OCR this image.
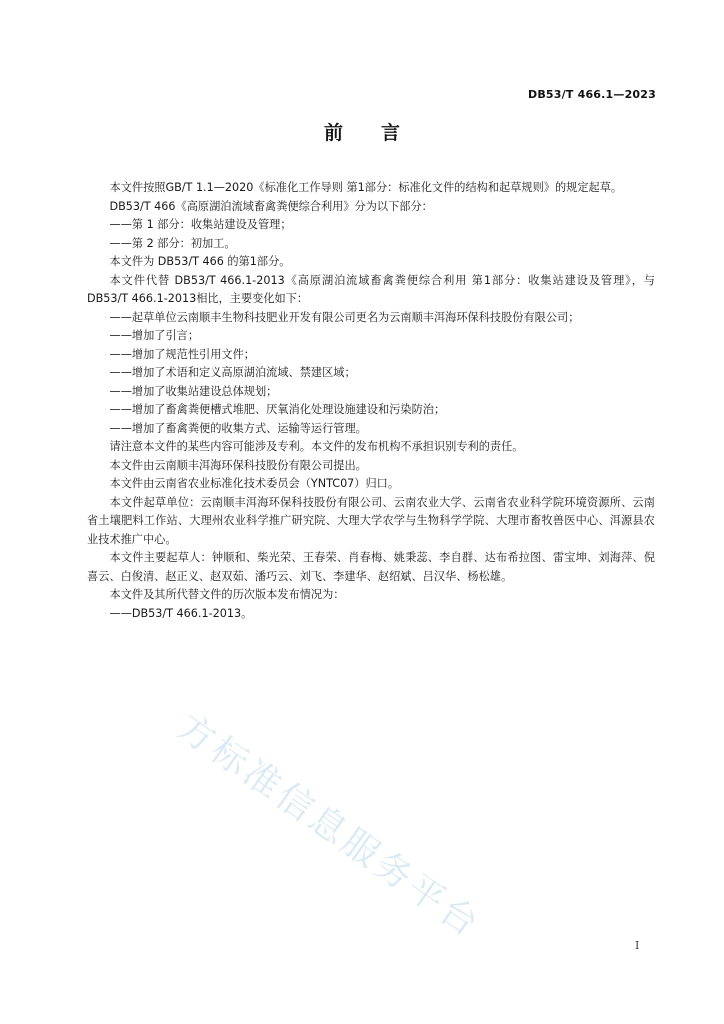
DB53/T 466.1—2023
前言

本文件按照GB/T 1.1—2020《标准化工作导则 第1部分：标准化文件的结构和起草规则》的规定起草。

DB53/T 466《高原湖泊流域畜禽粪便综合利用》分为以下部分：

——第 1 部分：收集站建设及管理；

——第 2 部分：初加工。

本文件为 DB53/T 466 的第1部分。

本文件代替 DB53/T 466.1-2013《高原湖泊流域畜禽粪便综合利用 第1部分：收集站建设及管理》，与 DB53/T 466.1-2013相比，主要变化如下：

——起草单位云南顺丰生物科技肥业开发有限公司更名为云南顺丰洱海环保科技股份有限公司；

——增加了引言；

——增加了规范性引用文件；

——增加了术语和定义高原湖泊流域、禁建区域；

——增加了收集站建设总体规划；

——增加了畜禽粪便槽式堆肥、厌氧消化处理设施建设和污染防治；

——增加了畜禽粪便的收集方式、运输等运行管理。

请注意本文件的某些内容可能涉及专利。本文件的发布机构不承担识别专利的责任。

本文件由云南顺丰洱海环保科技股份有限公司提出。

本文件由云南省农业标准化技术委员会（YNTC07）归口。

本文件起草单位：云南顺丰洱海环保科技股份有限公司、云南农业大学、云南省农业科学院环境资源所、云南省土壤肥料工作站、大理州农业科学推广研究院、大理大学农学与生物科学学院、大理市畜牧兽医中心、洱源县农业技术推广中心。

本文件主要起草人：钟顺和、柴光荣、王春荣、肖春梅、姚秉蕊、李自群、达布希拉图、雷宝坤、刘海萍、倪喜云、白俊清、赵正义、赵双茹、潘巧云、刘飞、李建华、赵绍斌、吕汉华、杨松雄。

本文件及其所代替文件的历次版本发布情况为：

——DB53/T 466.1-2013。

方标准信息服务平台	I
